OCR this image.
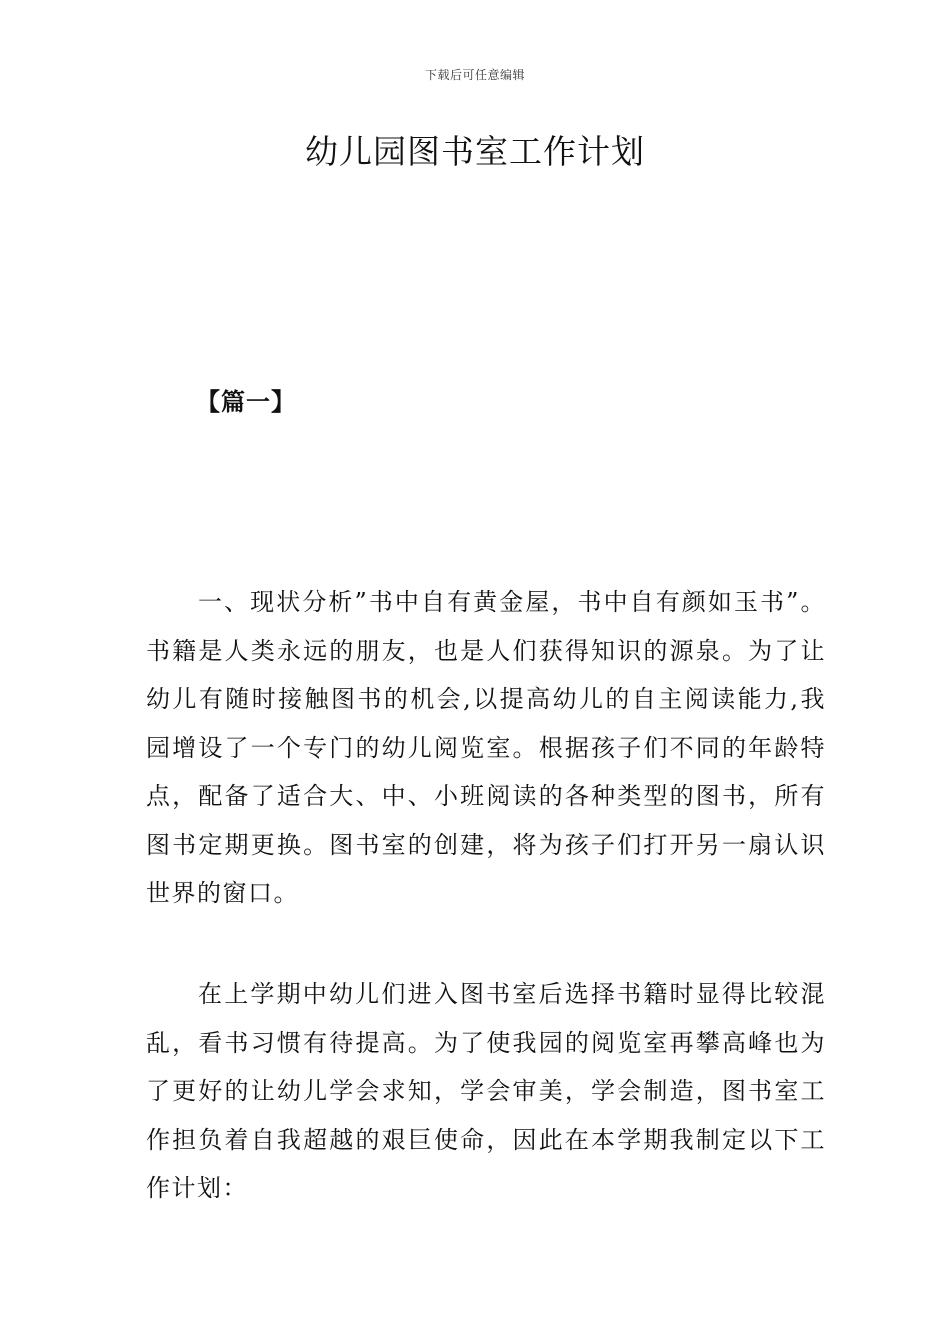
下载后可任意编辑
幼儿园图书室工作计划
【篇一】

一、现状分析”书中自有黄金屋，书中自有颜如玉书”。书籍是人类永远的朋友，也是人们获得知识的源泉。为了让幼儿有随时接触图书的机会,以提高幼儿的自主阅读能力,我园增设了一个专门的幼儿阅览室。根据孩子们不同的年龄特点，配备了适合大、中、小班阅读的各种类型的图书，所有图书定期更换。图书室的创建，将为孩子们打开另一扇认识世界的窗口。

在上学期中幼儿们进入图书室后选择书籍时显得比较混乱，看书习惯有待提高。为了使我园的阅览室再攀高峰也为了更好的让幼儿学会求知，学会审美，学会制造，图书室工作担负着自我超越的艰巨使命，因此在本学期我制定以下工作计划：
